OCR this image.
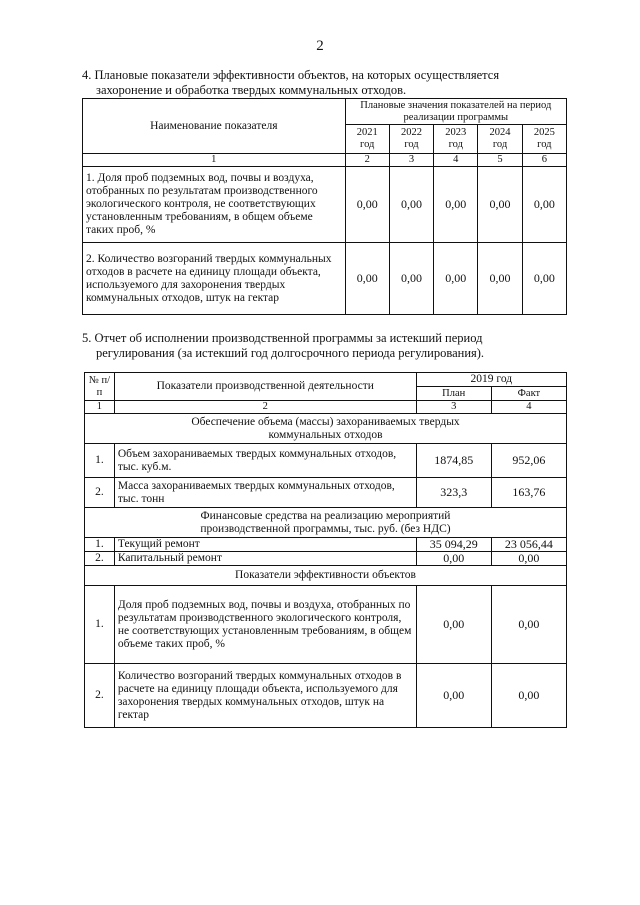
2
4. Плановые показатели эффективности объектов, на которых осуществляется
захоронение и обработка твердых коммунальных отходов.
Наименование показателя	Плановые значения показателей на период реализации программы				
	2021 год	2022 год	2023 год	2024 год	2025 год
1	2	3	4	5	6
1. Доля проб подземных вод, почвы и воздуха, отобранных по результатам производственного экологического контроля, не соответствующих установленным требованиям, в общем объеме таких проб, %	0,00	0,00	0,00	0,00	0,00
2. Количество возгораний твердых коммунальных отходов в расчете на единицу площади объекта, используемого для захоронения твердых коммунальных отходов, штук на гектар	0,00	0,00	0,00	0,00	0,00
5. Отчет об исполнении производственной программы за истекший период
регулирования (за истекший год долгосрочного периода регулирования).
№ п/п	Показатели производственной деятельности	2019 год	
		План	Факт
1	2	3	4
Обеспечение объема (массы) захораниваемых твердых коммунальных отходов			
1.	Объем захораниваемых твердых коммунальных отходов, тыс. куб.м.	1874,85	952,06
2.	Масса захораниваемых твердых коммунальных отходов, тыс. тонн	323,3	163,76
Финансовые средства на реализацию мероприятий производственной программы, тыс. руб. (без НДС)			
1.	Текущий ремонт	35 094,29	23 056,44
2.	Капитальный ремонт	0,00	0,00
Показатели эффективности объектов			
1.	Доля проб подземных вод, почвы и воздуха, отобранных по результатам производственного экологического контроля, не соответствующих установленным требованиям, в общем объеме таких проб, %	0,00	0,00
2.	Количество возгораний твердых коммунальных отходов в расчете на единицу площади объекта, используемого для захоронения твердых коммунальных отходов, штук на гектар	0,00	0,00
